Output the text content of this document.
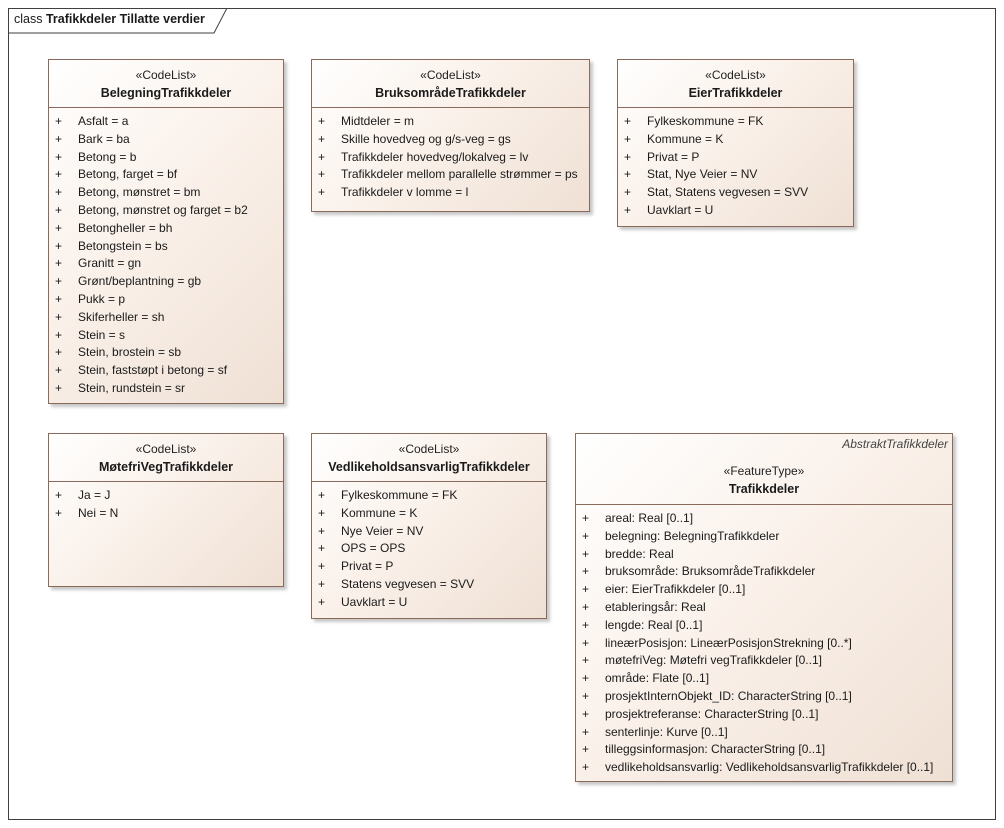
class Trafikkdeler Tillatte verdier
«CodeList»
BelegningTrafikkdeler
+ Asfalt = a
+ Bark = ba
+ Betong = b
+ Betong, farget = bf
+ Betong, mønstret = bm
+ Betong, mønstret og farget = b2
+ Betongheller = bh
+ Betongstein = bs
+ Granitt = gn
+ Grønt/beplantning = gb
+ Pukk = p
+ Skiferheller = sh
+ Stein = s
+ Stein, brostein = sb
+ Stein, faststøpt i betong = sf
+ Stein, rundstein = sr
«CodeList»
BruksområdeTrafikkdeler
+ Midtdeler = m
+ Skille hovedveg og g/s-veg = gs
+ Trafikkdeler hovedveg/lokalveg = lv
+ Trafikkdeler mellom parallelle strømmer = ps
+ Trafikkdeler v lomme = l
«CodeList»
EierTrafikkdeler
+ Fylkeskommune = FK
+ Kommune = K
+ Privat = P
+ Stat, Nye Veier = NV
+ Stat, Statens vegvesen = SVV
+ Uavklart = U
«CodeList»
MøtefriVegTrafikkdeler
+ Ja = J
+ Nei = N
«CodeList»
VedlikeholdsansvarligTrafikkdeler
+ Fylkeskommune = FK
+ Kommune = K
+ Nye Veier = NV
+ OPS = OPS
+ Privat = P
+ Statens vegvesen = SVV
+ Uavklart = U
AbstraktTrafikkdeler
«FeatureType»
Trafikkdeler
+ areal: Real [0..1]
+ belegning: BelegningTrafikkdeler
+ bredde: Real
+ bruksområde: BruksområdeTrafikkdeler
+ eier: EierTrafikkdeler [0..1]
+ etableringsår: Real
+ lengde: Real [0..1]
+ lineærPosisjon: LineærPosisjonStrekning [0..*]
+ møtefriVeg: Møtefri vegTrafikkdeler [0..1]
+ område: Flate [0..1]
+ prosjektInternObjekt_ID: CharacterString [0..1]
+ prosjektreferanse: CharacterString [0..1]
+ senterlinje: Kurve [0..1]
+ tilleggsinformasjon: CharacterString [0..1]
+ vedlikeholdsansvarlig: VedlikeholdsansvarligTrafikkdeler [0..1]
